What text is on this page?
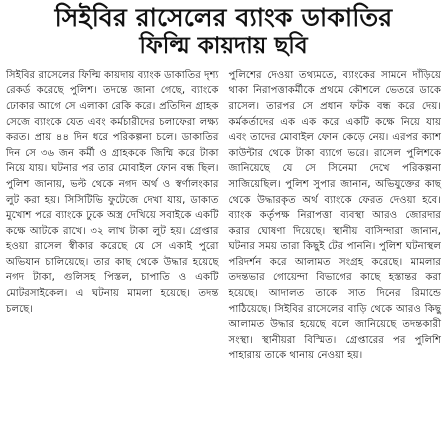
সিইবির রাসেলের ব্যাংক ডাকাতির
ফিল্মি কায়দায় ছবি

সিইবির রাসেলের ফিল্মি কায়দায় ব্যাংক ডাকাতির দৃশ্য রেকর্ড করেছে পুলিশ। তদন্তে জানা গেছে, ব্যাংকে ঢোকার আগে সে এলাকা রেকি করে। প্রতিদিন গ্রাহক সেজে ব্যাংকে যেত এবং কর্মচারীদের চলাফেরা লক্ষ্য করত। প্রায় ৪৪ দিন ধরে পরিকল্পনা চলে। ডাকাতির দিন সে ৩৬ জন কর্মী ও গ্রাহককে জিম্মি করে টাকা নিয়ে যায়। ঘটনার পর তার মোবাইল ফোন বন্ধ ছিল। পুলিশ জানায়, ভল্ট থেকে নগদ অর্থ ও স্বর্ণালংকার লুট করা হয়। সিসিটিভি ফুটেজে দেখা যায়, ডাকাত মুখোশ পরে ব্যাংকে ঢুকে অস্ত্র দেখিয়ে সবাইকে একটি কক্ষে আটকে রাখে। ৩২ লাখ টাকা লুট হয়। গ্রেপ্তার হওয়া রাসেল স্বীকার করেছে যে সে একাই পুরো অভিযান চালিয়েছে। তার কাছ থেকে উদ্ধার হয়েছে নগদ টাকা, গুলিসহ পিস্তল, চাপাতি ও একটি মোটরসাইকেল। এ ঘটনায় মামলা হয়েছে। তদন্ত চলছে।

পুলিশের দেওয়া তথ্যমতে, ব্যাংকের সামনে দাঁড়িয়ে থাকা নিরাপত্তাকর্মীকে প্রথমে কৌশলে ভেতরে ডাকে রাসেল। তারপর সে প্রধান ফটক বন্ধ করে দেয়। কর্মকর্তাদের এক এক করে একটি কক্ষে নিয়ে যায় এবং তাদের মোবাইল ফোন কেড়ে নেয়। এরপর ক্যাশ কাউন্টার থেকে টাকা ব্যাগে ভরে। রাসেল পুলিশকে জানিয়েছে যে সে সিনেমা দেখে পরিকল্পনা সাজিয়েছিল। পুলিশ সুপার জানান, অভিযুক্তের কাছ থেকে উদ্ধারকৃত অর্থ ব্যাংকে ফেরত দেওয়া হবে। ব্যাংক কর্তৃপক্ষ নিরাপত্তা ব্যবস্থা আরও জোরদার করার ঘোষণা দিয়েছে। স্থানীয় বাসিন্দারা জানান, ঘটনার সময় তারা কিছুই টের পাননি। পুলিশ ঘটনাস্থল পরিদর্শন করে আলামত সংগ্রহ করেছে। মামলার তদন্তভার গোয়েন্দা বিভাগের কাছে হস্তান্তর করা হয়েছে। আদালত তাকে সাত দিনের রিমান্ডে পাঠিয়েছে। সিইবির রাসেলের বাড়ি থেকে আরও কিছু আলামত উদ্ধার হয়েছে বলে জানিয়েছে তদন্তকারী সংস্থা। স্থানীয়রা বিস্মিত। গ্রেপ্তারের পর পুলিশি পাহারায় তাকে থানায় নেওয়া হয়।
